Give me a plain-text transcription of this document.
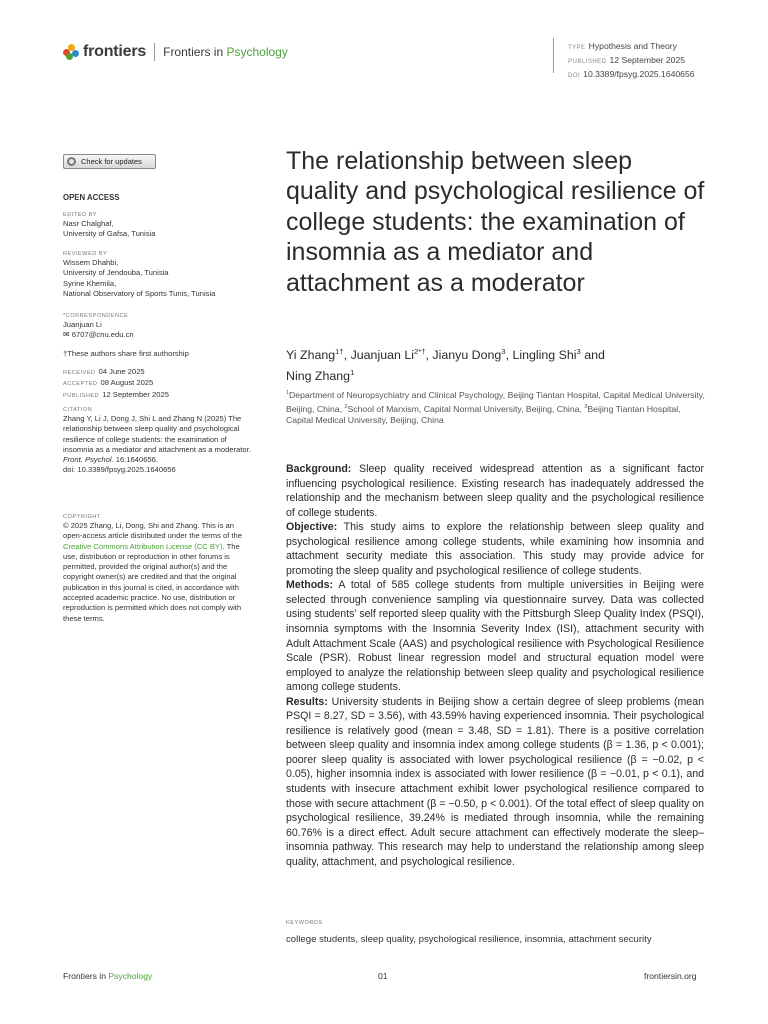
frontiers Frontiers in Psychology	TYPE Hypothesis and Theory
PUBLISHED 12 September 2025
DOI 10.3389/fpsyg.2025.1640656
Check for updates
OPEN ACCESS
EDITED BY
Nasr Chalghaf,
University of Gafsa, Tunisia
REVIEWED BY
Wissem Dhahbi,
University of Jendouba, Tunisia
Syrine Khemila,
National Observatory of Sports Tunis, Tunisia
*CORRESPONDENCE
Juanjuan Li
✉ 6707@cnu.edu.cn
†These authors share first authorship
RECEIVED 04 June 2025
ACCEPTED 08 August 2025
PUBLISHED 12 September 2025
CITATION
Zhang Y, Li J, Dong J, Shi L and Zhang N (2025) The relationship between sleep quality and psychological resilience of college students: the examination of insomnia as a mediator and attachment as a moderator. Front. Psychol. 16:1640656.
doi: 10.3389/fpsyg.2025.1640656
COPYRIGHT
© 2025 Zhang, Li, Dong, Shi and Zhang. This is an open-access article distributed under the terms of the Creative Commons Attribution License (CC BY). The use, distribution or reproduction in other forums is permitted, provided the original author(s) and the copyright owner(s) are credited and that the original publication in this journal is cited, in accordance with accepted academic practice. No use, distribution or reproduction is permitted which does not comply with these terms.
The relationship between sleep quality and psychological resilience of college students: the examination of insomnia as a mediator and attachment as a moderator
Yi Zhang$^{1\dagger}$, Juanjuan $Li^{2*\dagger}$, Jianyu Dong$^3$, Lingling Shi$^3$ and
Ning Zhang$^1$
$^1$Department of Neuropsychiatry and Clinical Psychology, Beijing Tiantan Hospital, Capital Medical University, Beijing, China, $^2$School of Marxism, Capital Normal University, Beijing, China, $^3$Beijing Tiantan Hospital, Capital Medical University, Beijing, China

Background: Sleep quality received widespread attention as a significant factor influencing psychological resilience. Existing research has inadequately addressed the relationship and the mechanism between sleep quality and the psychological resilience of college students.

Objective: This study aims to explore the relationship between sleep quality and psychological resilience among college students, while examining how insomnia and attachment security mediate this association. This study may provide advice for promoting the sleep quality and psychological resilience of college students.

Methods: A total of 585 college students from multiple universities in Beijing were selected through convenience sampling via questionnaire survey. Data was collected using students’ self reported sleep quality with the Pittsburgh Sleep Quality Index (PSQI), insomnia symptoms with the Insomnia Severity Index (ISI), attachment security with Adult Attachment Scale (AAS) and psychological resilience with Psychological Resilience Scale (PSR). Robust linear regression model and structural equation model were employed to analyze the relationship between sleep quality and psychological resilience among college students.

Results: University students in Beijing show a certain degree of sleep problems (mean PSQI = 8.27, SD = 3.56), with 43.59% having experienced insomnia. Their psychological resilience is relatively good (mean = 3.48, SD = 1.81). There is a positive correlation between sleep quality and insomnia index among college students (β = 1.36, p < 0.001); poorer sleep quality is associated with lower psychological resilience (β = −0.02, p < 0.05), higher insomnia index is associated with lower resilience (β = −0.01, p < 0.1), and students with insecure attachment exhibit lower psychological resilience compared to those with secure attachment (β = −0.50, p < 0.001). Of the total effect of sleep quality on psychological resilience, 39.24% is mediated through insomnia, while the remaining 60.76% is a direct effect. Adult secure attachment can effectively moderate the sleep–insomnia pathway. This research may help to understand the relationship among sleep quality, attachment, and psychological resilience.

KEYWORDS
college students, sleep quality, psychological resilience, insomnia, attachment security
Frontiers in Psychology	01	frontiersin.org
